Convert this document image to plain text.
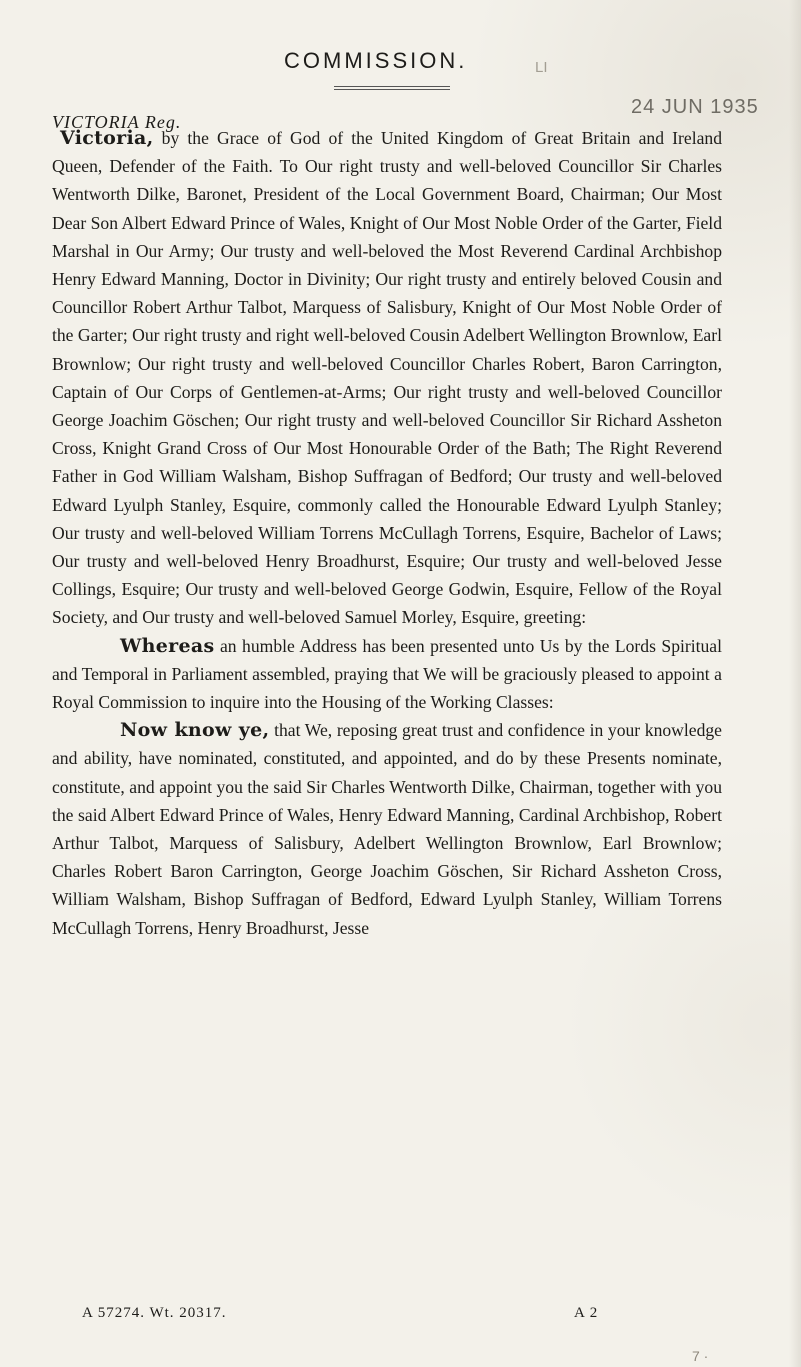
COMMISSION.	LI
24 JUN 1935
VICTORIA Reg.

Victoria, by the Grace of God of the United Kingdom of Great Britain and Ireland Queen, Defender of the Faith. To Our right trusty and well-beloved Councillor Sir Charles Wentworth Dilke, Baronet, President of the Local Government Board, Chairman; Our Most Dear Son Albert Edward Prince of Wales, Knight of Our Most Noble Order of the Garter, Field Marshal in Our Army; Our trusty and well-beloved the Most Reverend Cardinal Archbishop Henry Edward Manning, Doctor in Divinity; Our right trusty and entirely beloved Cousin and Councillor Robert Arthur Talbot, Marquess of Salisbury, Knight of Our Most Noble Order of the Garter; Our right trusty and right well-beloved Cousin Adelbert Wellington Brownlow, Earl Brownlow; Our right trusty and well-beloved Councillor Charles Robert, Baron Carrington, Captain of Our Corps of Gentlemen-at-Arms; Our right trusty and well-beloved Councillor George Joachim Göschen; Our right trusty and well-beloved Councillor Sir Richard Assheton Cross, Knight Grand Cross of Our Most Honourable Order of the Bath; The Right Reverend Father in God William Walsham, Bishop Suffragan of Bedford; Our trusty and well-beloved Edward Lyulph Stanley, Esquire, commonly called the Honourable Edward Lyulph Stanley; Our trusty and well-beloved William Torrens McCullagh Torrens, Esquire, Bachelor of Laws; Our trusty and well-beloved Henry Broadhurst, Esquire; Our trusty and well-beloved Jesse Collings, Esquire; Our trusty and well-beloved George Godwin, Esquire, Fellow of the Royal Society, and Our trusty and well-beloved Samuel Morley, Esquire, greeting:

Whereas an humble Address has been presented unto Us by the Lords Spiritual and Temporal in Parliament assembled, praying that We will be graciously pleased to appoint a Royal Commission to inquire into the Housing of the Working Classes:

Now know ye, that We, reposing great trust and confidence in your knowledge and ability, have nominated, constituted, and appointed, and do by these Presents nominate, constitute, and appoint you the said Sir Charles Wentworth Dilke, Chairman, together with you the said Albert Edward Prince of Wales, Henry Edward Manning, Cardinal Archbishop, Robert Arthur Talbot, Marquess of Salisbury, Adelbert Wellington Brownlow, Earl Brownlow; Charles Robert Baron Carrington, George Joachim Göschen, Sir Richard Assheton Cross, William Walsham, Bishop Suffragan of Bedford, Edward Lyulph Stanley, William Torrens McCullagh Torrens, Henry Broadhurst, Jesse

A 57274. Wt. 20317.	A 2
7 ·
